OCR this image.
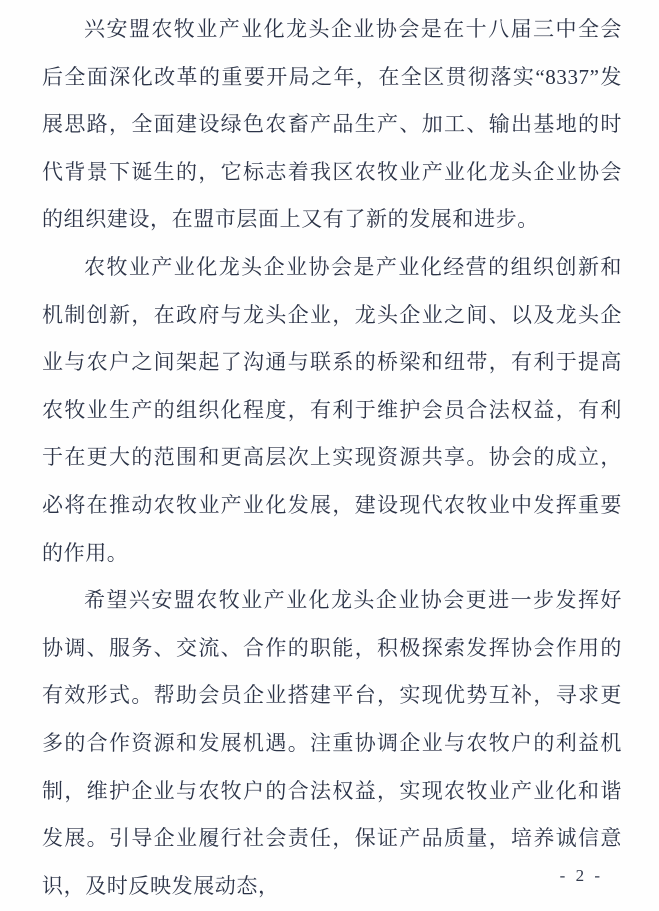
兴安盟农牧业产业化龙头企业协会是在十八届三中全会后全面深化改革的重要开局之年，在全区贯彻落实“8337”发展思路，全面建设绿色农畜产品生产、加工、输出基地的时代背景下诞生的，它标志着我区农牧业产业化龙头企业协会的组织建设，在盟市层面上又有了新的发展和进步。

农牧业产业化龙头企业协会是产业化经营的组织创新和机制创新，在政府与龙头企业，龙头企业之间、以及龙头企业与农户之间架起了沟通与联系的桥梁和纽带，有利于提高农牧业生产的组织化程度，有利于维护会员合法权益，有利于在更大的范围和更高层次上实现资源共享。协会的成立，必将在推动农牧业产业化发展，建设现代农牧业中发挥重要的作用。

希望兴安盟农牧业产业化龙头企业协会更进一步发挥好协调、服务、交流、合作的职能，积极探索发挥协会作用的有效形式。帮助会员企业搭建平台，实现优势互补，寻求更多的合作资源和发展机遇。注重协调企业与农牧户的利益机制，维护企业与农牧户的合法权益，实现农牧业产业化和谐发展。引导企业履行社会责任，保证产品质量，培养诚信意识，及时反映发展动态，	- 2 -
